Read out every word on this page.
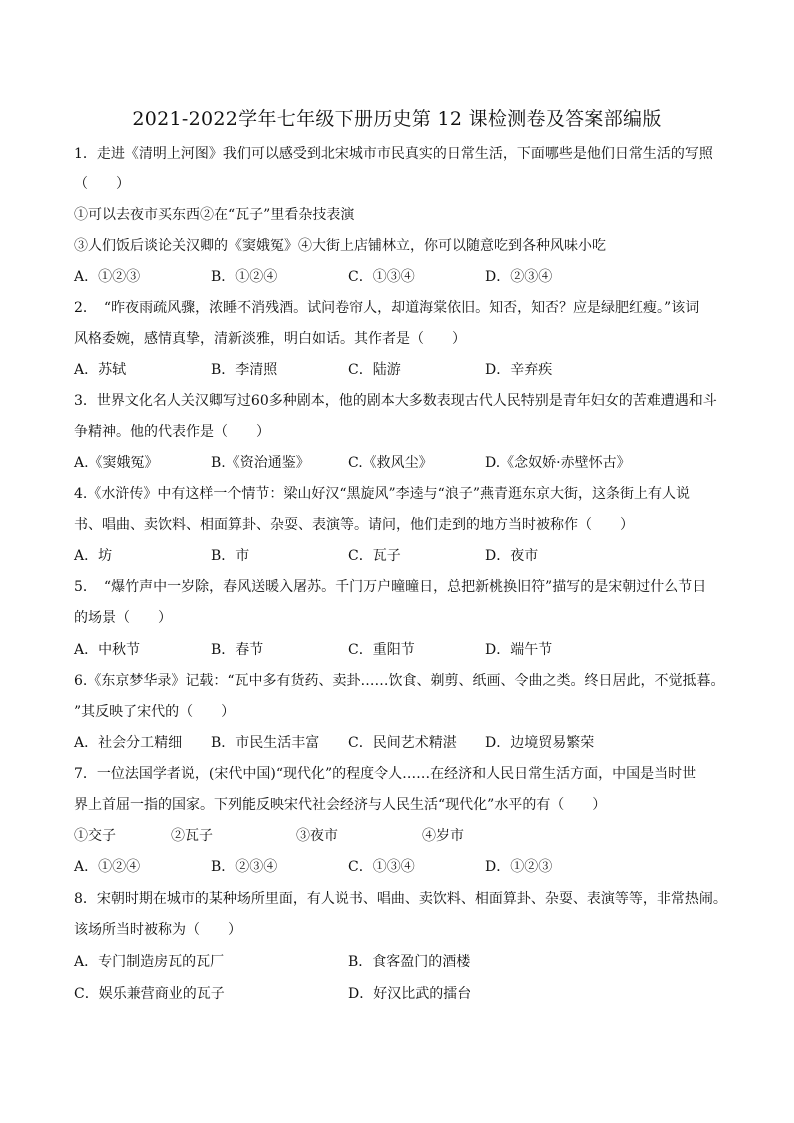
2021-2022学年七年级下册历史第 12 课检测卷及答案部编版
1．走进《清明上河图》我们可以感受到北宋城市市民真实的日常生活，下面哪些是他们日常生活的写照
（　　）
①可以去夜市买东西②在“瓦子”里看杂技表演
③人们饭后谈论关汉卿的《窦娥冤》④大街上店铺林立，你可以随意吃到各种风味小吃
A．①②③	B．①②④	C．①③④	D．②③④
2．　“昨夜雨疏风骤，浓睡不消残酒。试问卷帘人，却道海棠依旧。知否，知否？应是绿肥红瘦。”该词
风格委婉，感情真挚，清新淡雅，明白如话。其作者是（　　）
A．苏轼	B．李清照	C．陆游	D．辛弃疾
3．世界文化名人关汉卿写过60多种剧本，他的剧本大多数表现古代人民特别是青年妇女的苦难遭遇和斗
争精神。他的代表作是（　　）
A.《窦娥冤》	B.《资治通鉴》	C.《救风尘》	D.《念奴娇·赤壁怀古》
4.《水浒传》中有这样一个情节：梁山好汉“黑旋风”李逵与“浪子”燕青逛东京大街，这条街上有人说
书、唱曲、卖饮料、相面算卦、杂耍、表演等。请问，他们走到的地方当时被称作（　　）
A．坊	B．市	C．瓦子	D．夜市
5．　“爆竹声中一岁除，春风送暖入屠苏。千门万户曈曈日，总把新桃换旧符”描写的是宋朝过什么节日
的场景（　　）
A．中秋节	B．春节	C．重阳节	D．端午节
6.《东京梦华录》记载：“瓦中多有货药、卖卦……饮食、剃剪、纸画、令曲之类。终日居此，不觉抵暮。
”其反映了宋代的（　　）
A．社会分工精细 B．市民生活丰富 C．民间艺术精湛 D．边境贸易繁荣
7．一位法国学者说，(宋代中国)“现代化”的程度令人……在经济和人民日常生活方面，中国是当时世
界上首屈一指的国家。下列能反映宋代社会经济与人民生活“现代化”水平的有（　　）
①交子	②瓦子	③夜市	④岁市
A．①②④	B．②③④	C．①③④	D．①②③
8．宋朝时期在城市的某种场所里面，有人说书、唱曲、卖饮料、相面算卦、杂耍、表演等等，非常热闹。
该场所当时被称为（　　）
A．专门制造房瓦的瓦厂	B．食客盈门的酒楼
C．娱乐兼营商业的瓦子	D．好汉比武的擂台
